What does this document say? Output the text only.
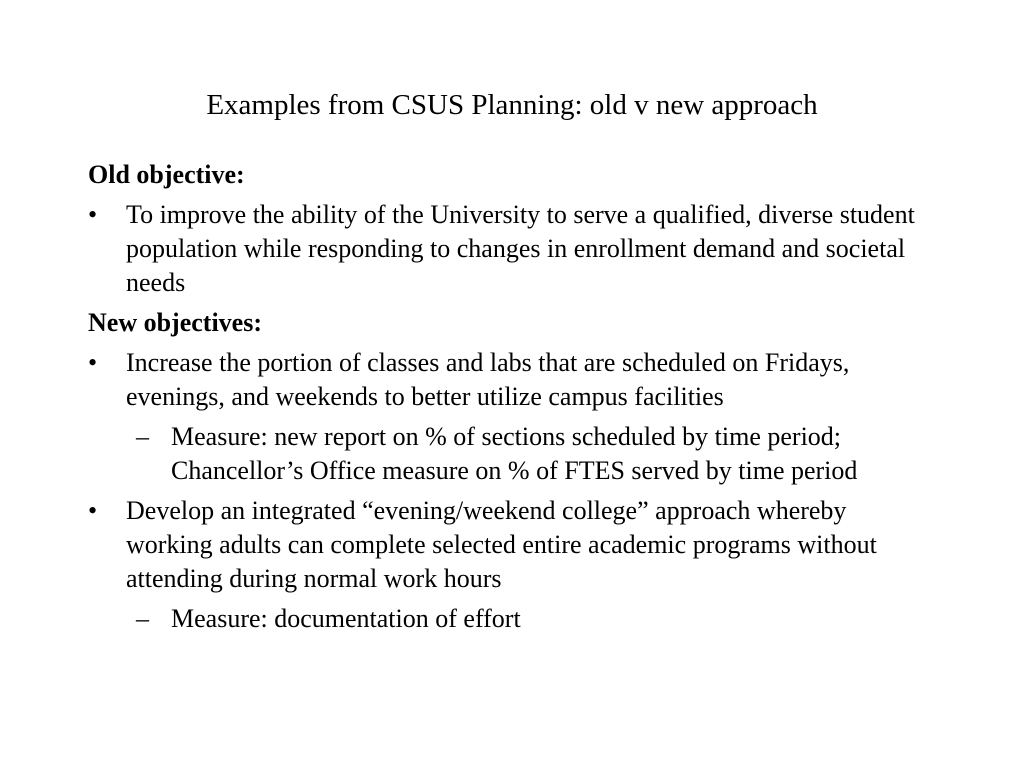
Examples from CSUS Planning: old v new approach
Old objective:
• To improve the ability of the University to serve a qualified, diverse student population while responding to changes in enrollment demand and societal needs
New objectives:
• Increase the portion of classes and labs that are scheduled on Fridays, evenings, and weekends to better utilize campus facilities
– Measure: new report on % of sections scheduled by time period; Chancellor’s Office measure on % of FTES served by time period
• Develop an integrated “evening/weekend college” approach whereby working adults can complete selected entire academic programs without attending during normal work hours
– Measure: documentation of effort
